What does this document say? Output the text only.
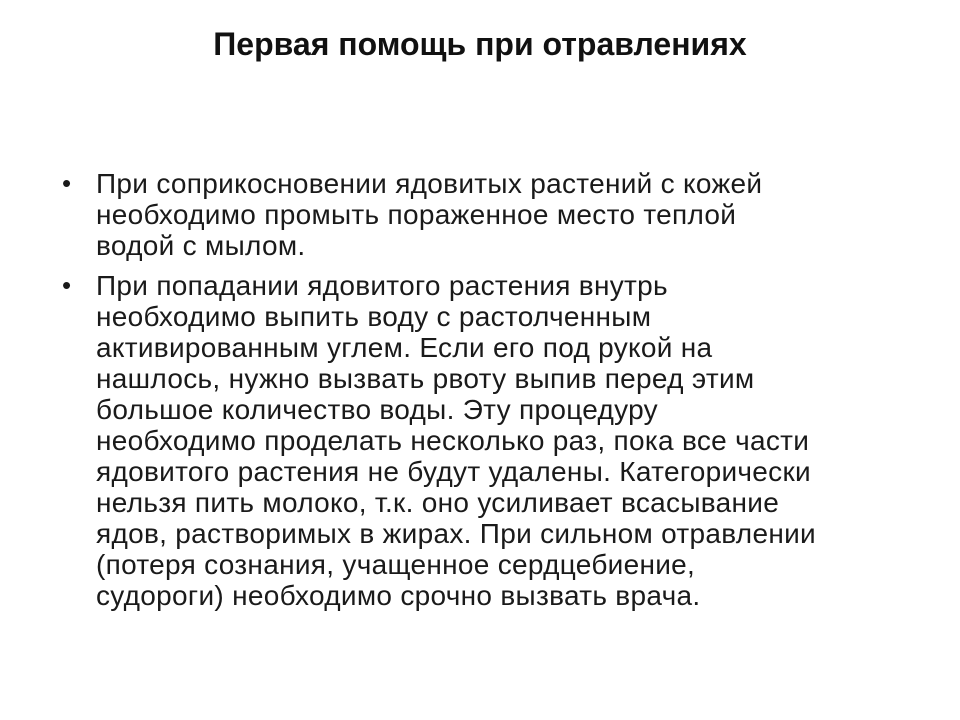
Первая помощь при отравлениях
• При соприкосновении ядовитых растений с кожей
необходимо промыть пораженное место теплой
водой с мылом.
• При попадании ядовитого растения внутрь
необходимо выпить воду с растолченным
активированным углем. Если его под рукой на
нашлось, нужно вызвать рвоту выпив перед этим
большое количество воды. Эту процедуру
необходимо проделать несколько раз, пока все части
ядовитого растения не будут удалены. Категорически
нельзя пить молоко, т.к. оно усиливает всасывание
ядов, растворимых в жирах. При сильном отравлении
(потеря сознания, учащенное сердцебиение,
судороги) необходимо срочно вызвать врача.
